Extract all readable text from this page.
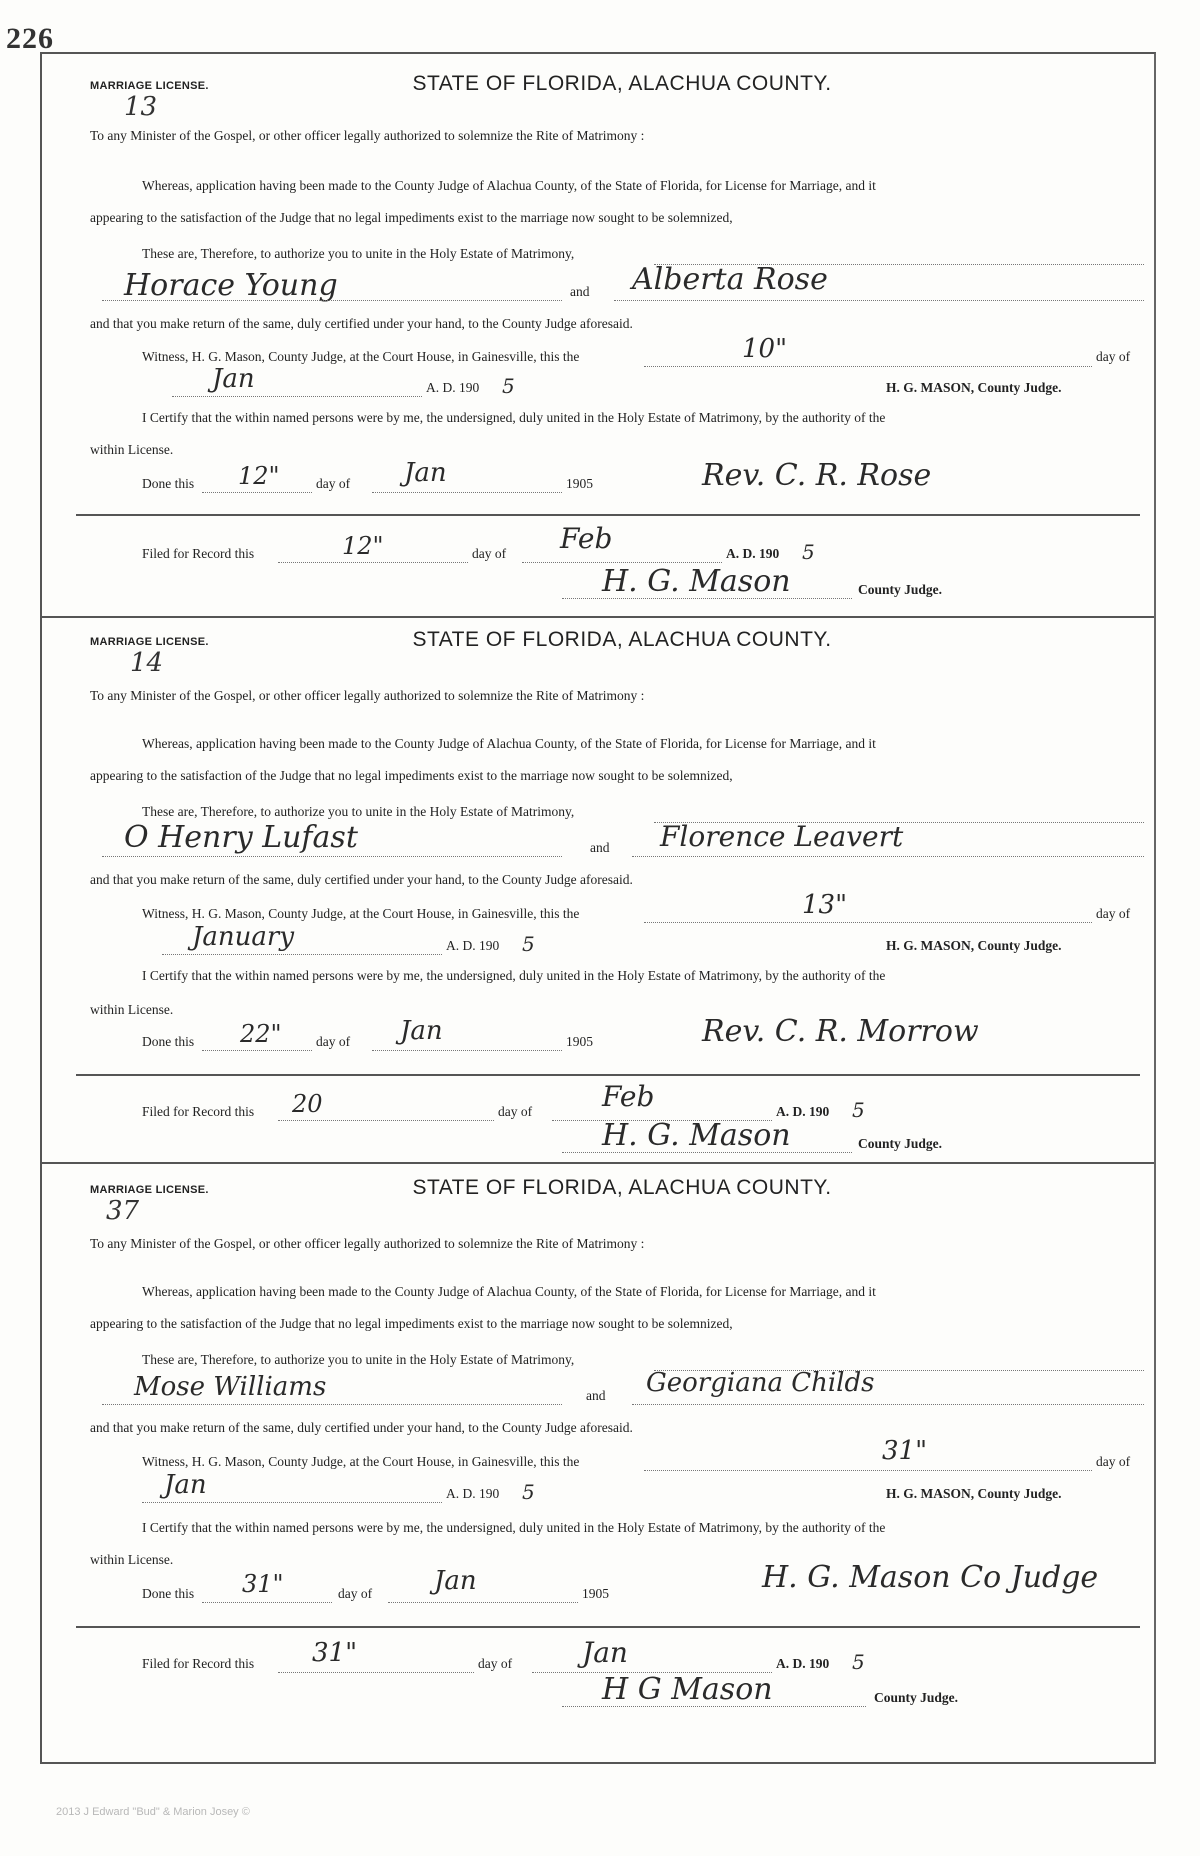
226
MARRIAGE LICENSE.	STATE OF FLORIDA, ALACHUA COUNTY.
13
To any Minister of the Gospel, or other officer legally authorized to solemnize the Rite of Matrimony :
Whereas, application having been made to the County Judge of Alachua County, of the State of Florida, for License for Marriage, and it
appearing to the satisfaction of the Judge that no legal impediments exist to the marriage now sought to be solemnized,
These are, Therefore, to authorize you to unite in the Holy Estate of Matrimony,
Horace Young	and Alberta Rose
and that you make return of the same, duly certified under your hand, to the County Judge aforesaid.
Witness, H. G. Mason, County Judge, at the Court House, in Gainesville, this the	10"	day of
Jan	A. D. 190 5	H. G. MASON, County Judge.
I Certify that the within named persons were by me, the undersigned, duly united in the Holy Estate of Matrimony, by the authority of the
within License.
Done this 12"	day of Jan	1905	Rev. C. R. Rose
Filed for Record this	12"	day of Feb	A. D. 190 5
H. G. Mason	County Judge.
MARRIAGE LICENSE.	STATE OF FLORIDA, ALACHUA COUNTY.
14
To any Minister of the Gospel, or other officer legally authorized to solemnize the Rite of Matrimony :
Whereas, application having been made to the County Judge of Alachua County, of the State of Florida, for License for Marriage, and it
appearing to the satisfaction of the Judge that no legal impediments exist to the marriage now sought to be solemnized,
These are, Therefore, to authorize you to unite in the Holy Estate of Matrimony,
O Henry Lufast	and Florence Leavert
and that you make return of the same, duly certified under your hand, to the County Judge aforesaid.
Witness, H. G. Mason, County Judge, at the Court House, in Gainesville, this the	13"	day of
January	A. D. 190 5	H. G. MASON, County Judge.
I Certify that the within named persons were by me, the undersigned, duly united in the Holy Estate of Matrimony, by the authority of the
within License.
Done this 22"	day of Jan	1905	Rev. C. R. Morrow
Filed for Record this 20	day of Feb	A. D. 190 5
H. G. Mason	County Judge.
MARRIAGE LICENSE.	STATE OF FLORIDA, ALACHUA COUNTY.
37
To any Minister of the Gospel, or other officer legally authorized to solemnize the Rite of Matrimony :
Whereas, application having been made to the County Judge of Alachua County, of the State of Florida, for License for Marriage, and it
appearing to the satisfaction of the Judge that no legal impediments exist to the marriage now sought to be solemnized,
These are, Therefore, to authorize you to unite in the Holy Estate of Matrimony,
Mose Williams	and Georgiana Childs
and that you make return of the same, duly certified under your hand, to the County Judge aforesaid.
Witness, H. G. Mason, County Judge, at the Court House, in Gainesville, this the	31"	day of
Jan	A. D. 190 5	H. G. MASON, County Judge.
I Certify that the within named persons were by me, the undersigned, duly united in the Holy Estate of Matrimony, by the authority of the
within License.
Done this 31"	day of Jan	1905	H. G. Mason Co Judge
Filed for Record this 31"	day of Jan	A. D. 190 5
H G Mason	County Judge.
2013 J Edward "Bud" & Marion Josey ©
